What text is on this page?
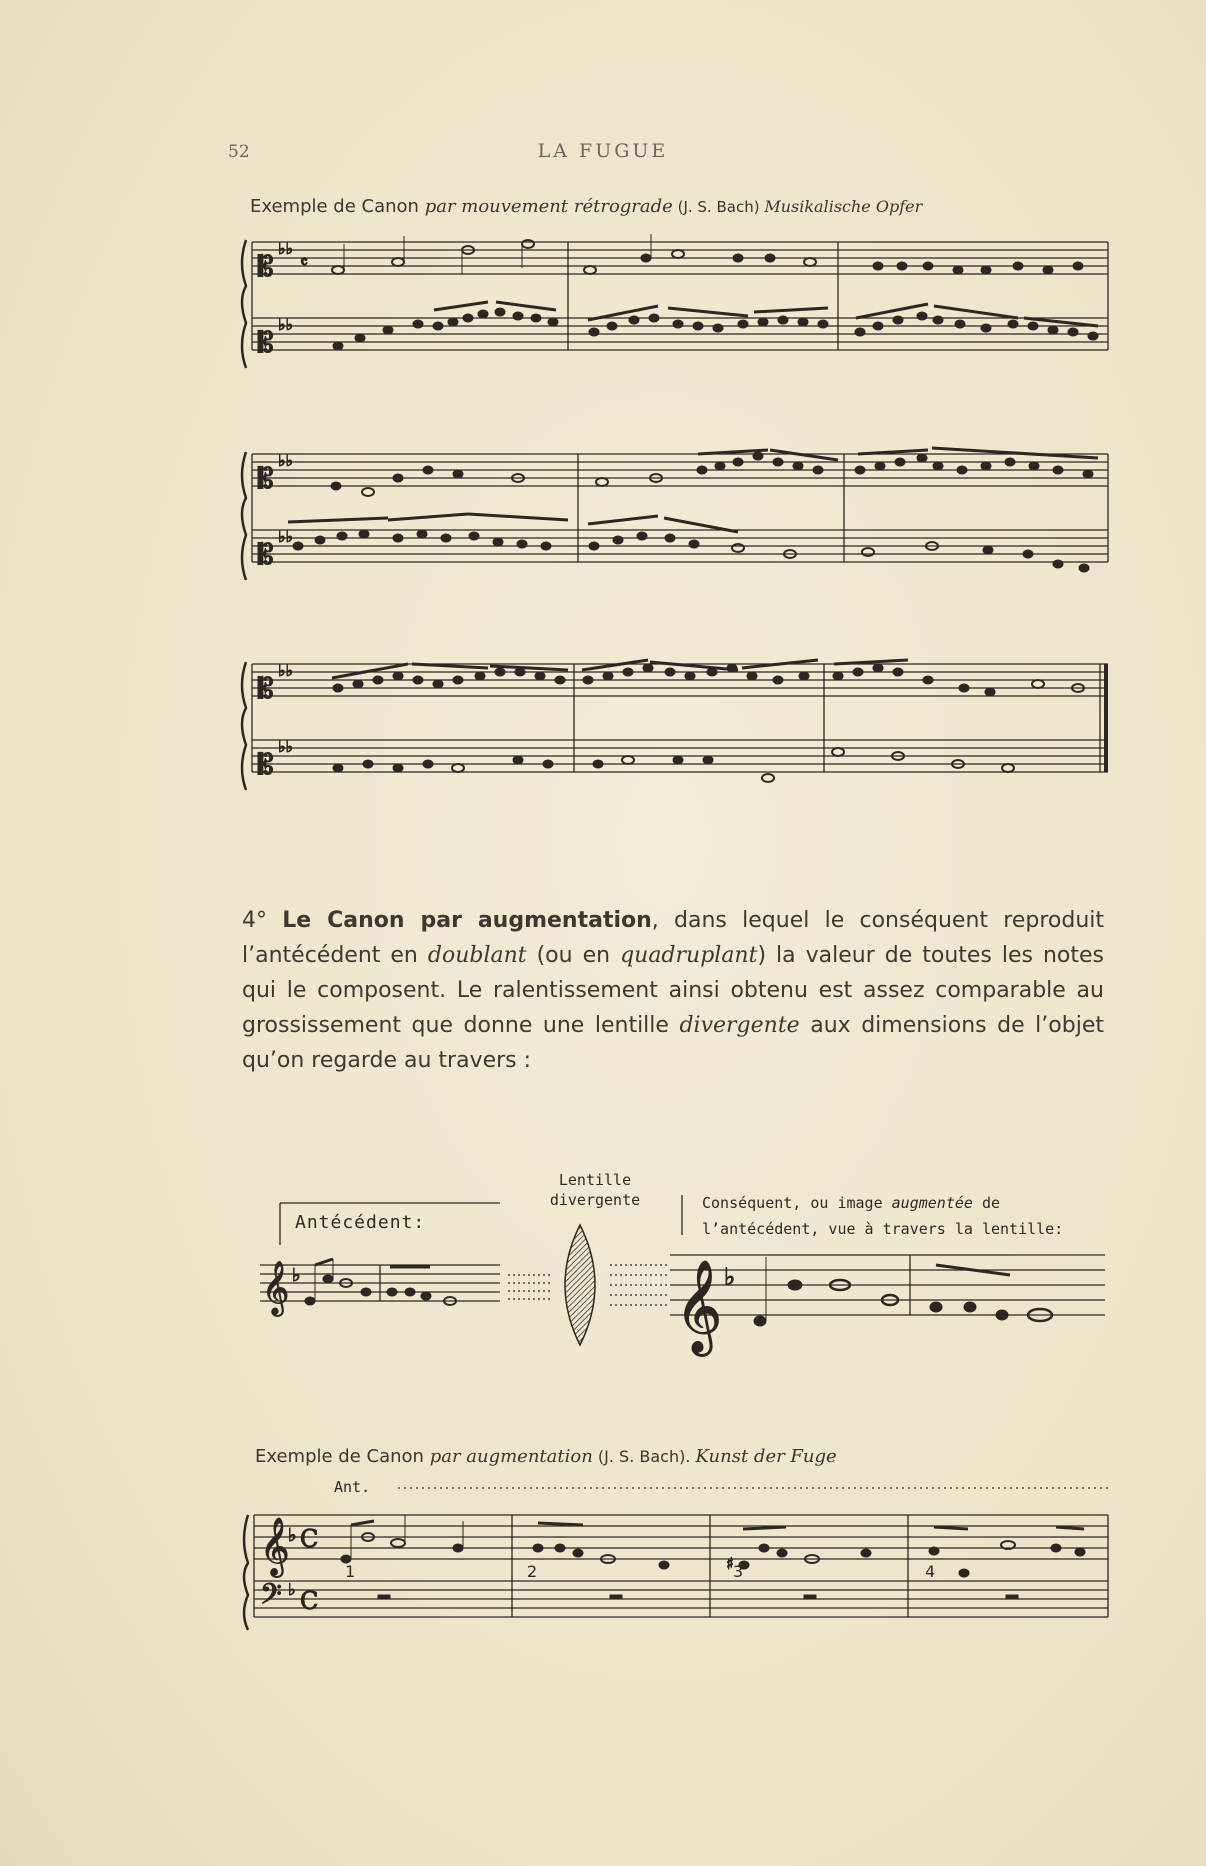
52	LA FUGUE
Exemple de Canon par mouvement rétrograde (J. S. Bach) Musikalische Opfer
𝄡
𝄡
♭♭
♭♭
𝄴
𝄡
𝄡
♭♭
♭♭
𝄡
𝄡
♭♭
♭♭

4° Le Canon par augmentation, dans lequel le conséquent reproduit l’antécédent en doublant (ou en quadruplant) la valeur de toutes les notes qui le composent. Le ralentissement ainsi obtenu est assez comparable au grossissement que donne une lentille divergente aux dimensions de l’objet qu’on regarde au travers :

Lentille
divergente
Antécédent:
Conséquent, ou image augmentée de
l’antécédent, vue à travers la lentille:
𝄞 ♭	𝄞 ♭
Exemple de Canon par augmentation (J. S. Bach). Kunst der Fuge
Ant.
𝄞
♭ C
𝄢 ♭ C
♯
1	2	3	4
